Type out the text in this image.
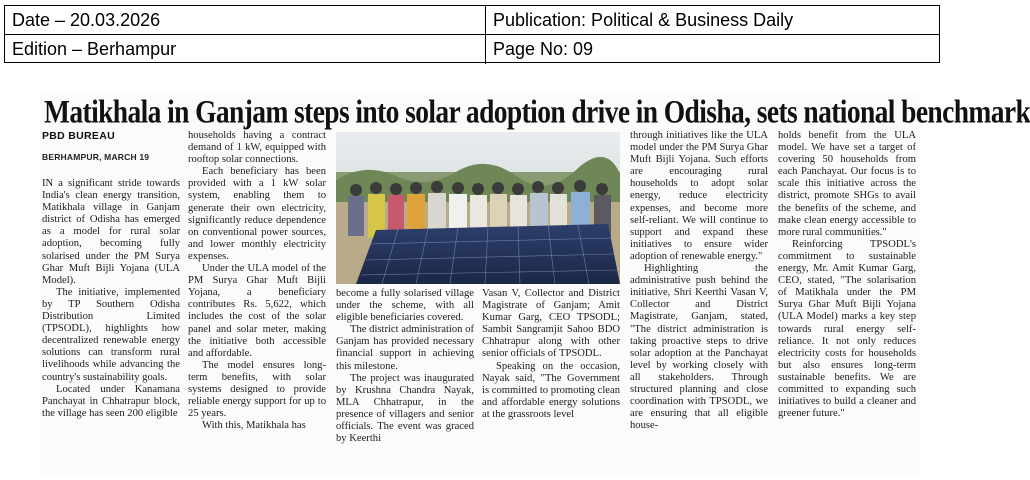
Date – 20.03.2026	Publication: Political & Business Daily
Edition – Berhampur	Page No: 09
Matikhala in Ganjam steps into solar adoption drive in Odisha, sets national benchmark
PBD BUREAU
BERHAMPUR, MARCH 19

IN a significant stride towards India's clean energy transition, Matikhala village in Ganjam district of Odisha has emerged as a model for rural solar adoption, becoming fully solarised under the PM Surya Ghar Muft Bijli Yojana (ULA Model).

The initiative, implemented by TP Southern Odisha Distribution Limited (TPSODL), highlights how decentralized renewable energy solutions can transform rural livelihoods while advancing the country's sustainability goals.

Located under Kanamana Panchayat in Chhatrapur block, the village has seen 200 eligible

households having a contract demand of 1 kW, equipped with rooftop solar connections.

Each beneficiary has been provided with a 1 kW solar system, enabling them to generate their own electricity, significantly reduce dependence on conventional power sources, and lower monthly electricity expenses.

Under the ULA model of the PM Surya Ghar Muft Bijli Yojana, a beneficiary contributes Rs. 5,622, which includes the cost of the solar panel and solar meter, making the initiative both accessible and affordable.

The model ensures long-term benefits, with solar systems designed to provide reliable energy support for up to 25 years.

With this, Matikhala has

become a fully solarised village under the scheme, with all eligible beneficiaries covered.

The district administration of Ganjam has provided necessary financial support in achieving this milestone.

The project was inaugurated by Krushna Chandra Nayak, MLA Chhatrapur, in the presence of villagers and senior officials. The event was graced by Keerthi

Vasan V, Collector and District Magistrate of Ganjam; Amit Kumar Garg, CEO TPSODL; Sambit Sangramjit Sahoo BDO Chhatrapur along with other senior officials of TPSODL.

Speaking on the occasion, Nayak said, "The Government is committed to promoting clean and affordable energy solutions at the grassroots level

through initiatives like the ULA model under the PM Surya Ghar Muft Bijli Yojana. Such efforts are encouraging rural households to adopt solar energy, reduce electricity expenses, and become more self-reliant. We will continue to support and expand these initiatives to ensure wider adoption of renewable energy."

Highlighting the administrative push behind the initiative, Shri Keerthi Vasan V, Collector and District Magistrate, Ganjam, stated, "The district administration is taking proactive steps to drive solar adoption at the Panchayat level by working closely with all stakeholders. Through structured planning and close coordination with TPSODL, we are ensuring that all eligible house-

holds benefit from the ULA model. We have set a target of covering 50 households from each Panchayat. Our focus is to scale this initiative across the district, promote SHGs to avail the benefits of the scheme, and make clean energy accessible to more rural communities."

Reinforcing TPSODL's commitment to sustainable energy, Mr. Amit Kumar Garg, CEO, stated, "The solarisation of Matikhala under the PM Surya Ghar Muft Bijli Yojana (ULA Model) marks a key step towards rural energy self-reliance. It not only reduces electricity costs for households but also ensures long-term sustainable benefits. We are committed to expanding such initiatives to build a cleaner and greener future."
